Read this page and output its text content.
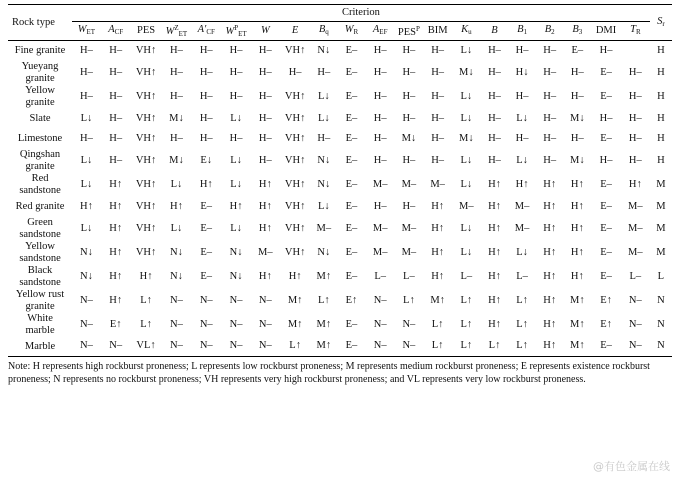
Rock type	Criterion																				$S_r$
	$W_{ET}$	$A_{CF}$	PES	$W^Z_{ET}$	$A'_{CF}$	$W^P_{ET}$	W	E	$B_q$	$W_R$	$A_{EF}$	$PES^P$	BIM	$K_u$	B	$B_1$	$B_2$	$B_3$	DMI	$T_R$

Fine granite	H–	H–	VH↑	H–	H–	H–	H–	VH↑	N↓	E–	H–	H–	H–	L↓	H–	H–	H–	E–	H–		H

Yueyang
granite	H–	H–	VH↑	H–	H–	H–	H–	H–	H–	E–	H–	H–	H–	M↓	H–	H↓	H–	H–	E–	H–	H

Yellow
granite	H–	H–	VH↑	H–	H–	H–	H–	VH↑	L↓	E–	H–	H–	H–	L↓	H–	H–	H–	H–	E–	H–	H

Slate	L↓	H–	VH↑	M↓	H–	L↓	H–	VH↑	L↓	E–	H–	H–	H–	L↓	H–	L↓	H–	M↓	H–	H–	H

Limestone	H–	H–	VH↑	H–	H–	H–	H–	VH↑	H–	E–	H–	M↓	H–	M↓	H–	H–	H–	H–	E–	H–	H

Qingshan
granite	L↓	H–	VH↑	M↓	E↓	L↓	H–	VH↑	N↓	E–	H–	H–	H–	L↓	H–	L↓	H–	M↓	H–	H–	H

Red
sandstone	L↓	H↑	VH↑	L↓	H↑	L↓	H↑	VH↑	N↓	E–	M–	M–	M–	L↓	H↑	H↑	H↑	H↑	E–	H↑	M

Red granite	H↑	H↑	VH↑	H↑	E–	H↑	H↑	VH↑	L↓	E–	H–	H–	H↑	M–	H↑	M–	H↑	H↑	E–	M–	M

Green
sandstone	L↓	H↑	VH↑	L↓	E–	L↓	H↑	VH↑	M–	E–	M–	M–	H↑	L↓	H↑	M–	H↑	H↑	E–	M–	M

Yellow
sandstone	N↓	H↑	VH↑	N↓	E–	N↓	M–	VH↑	N↓	E–	M–	M–	H↑	L↓	H↑	L↓	H↑	H↑	E–	M–	M

Black
sandstone	N↓	H↑	H↑	N↓	E–	N↓	H↑	H↑	M↑	E–	L–	L–	H↑	L–	H↑	L–	H↑	H↑	E–	L–	L

Yellow rust
granite	N–	H↑	L↑	N–	N–	N–	N–	M↑	L↑	E↑	N–	L↑	M↑	L↑	H↑	L↑	H↑	M↑	E↑	N–	N

White
marble	N–	E↑	L↑	N–	N–	N–	N–	M↑	M↑	E–	N–	N–	L↑	L↑	H↑	L↑	H↑	M↑	E↑	N–	N

Marble	N–	N–	VL↑	N–	N–	N–	N–	L↑	M↑	E–	N–	N–	L↑	L↑	L↑	L↑	H↑	M↑	E–	N–	N
Note: H represents high rockburst proneness; L represents low rockburst proneness; M represents medium rockburst proneness; E represents existence rockburst proneness; N represents no rockburst proneness; VH represents very high rockburst proneness; and VL represents very low rockburst proneness.
@有色金属在线
